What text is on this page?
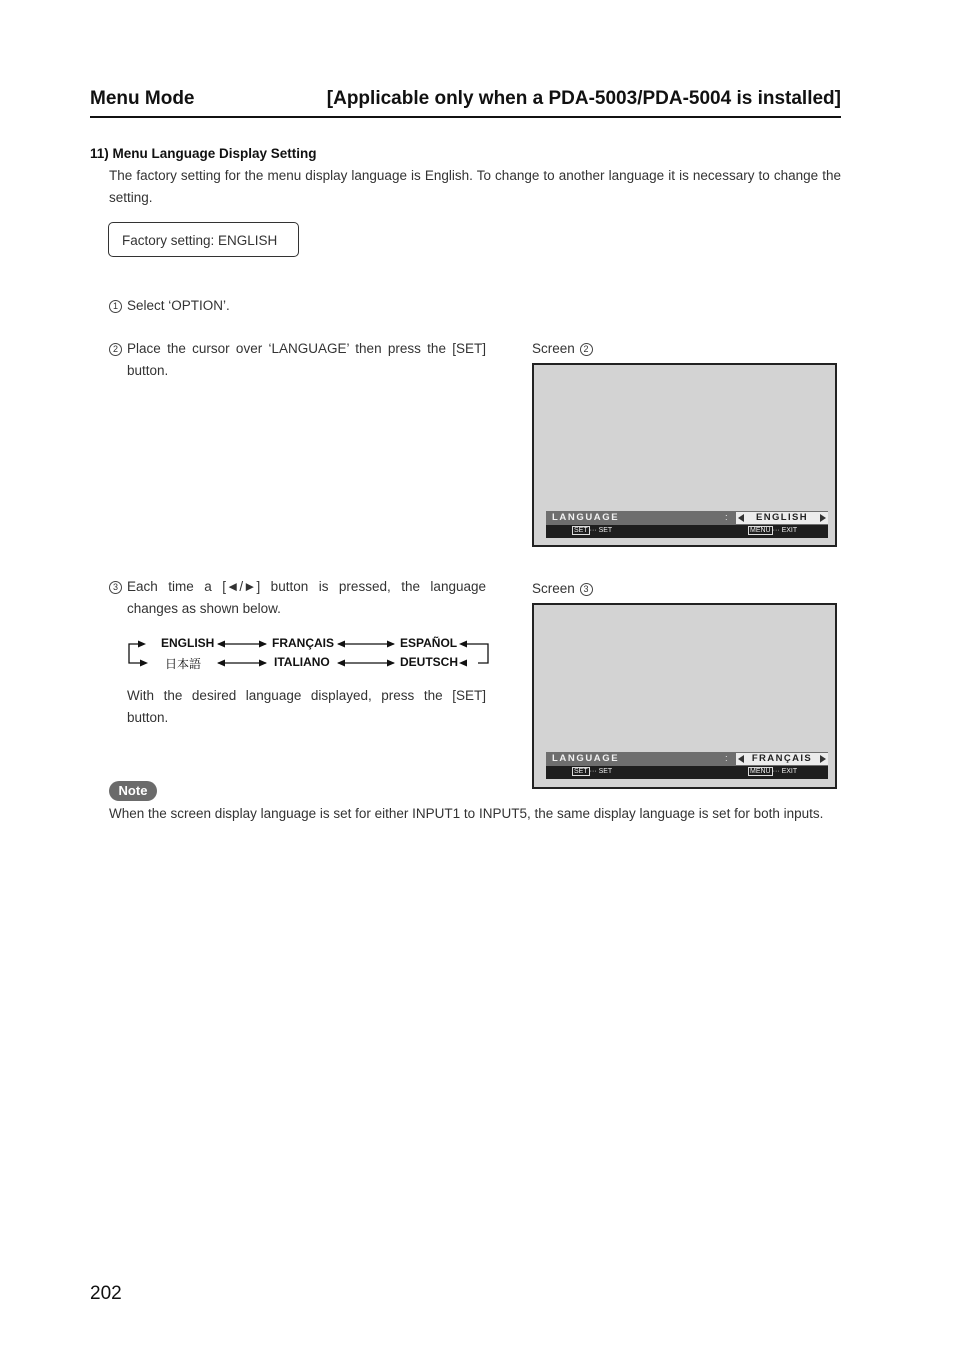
Menu Mode	[Applicable only when a PDA-5003/PDA-5004 is installed]
11) Menu Language Display Setting
The factory setting for the menu display language is English. To change to another language it is necessary to change the setting.
Factory setting: ENGLISH
1 Select ‘OPTION’.
2 Place the cursor over ‘LANGUAGE’ then press the [SET] button.
Screen 2
LANGUAGE	:	ENGLISH
SET ··· SET	MENU ··· EXIT
3 Each time a [◄/►] button is pressed, the language changes as shown below.
ENGLISH	FRANÇAIS	ESPAÑOL
日本語	ITALIANO	DEUTSCH
With the desired language displayed, press the [SET] button.
Screen 3
LANGUAGE	:	FRANÇAIS
SET ··· SET	MENU ··· EXIT
Note
When the screen display language is set for either INPUT1 to INPUT5, the same display language is set for both inputs.
202
